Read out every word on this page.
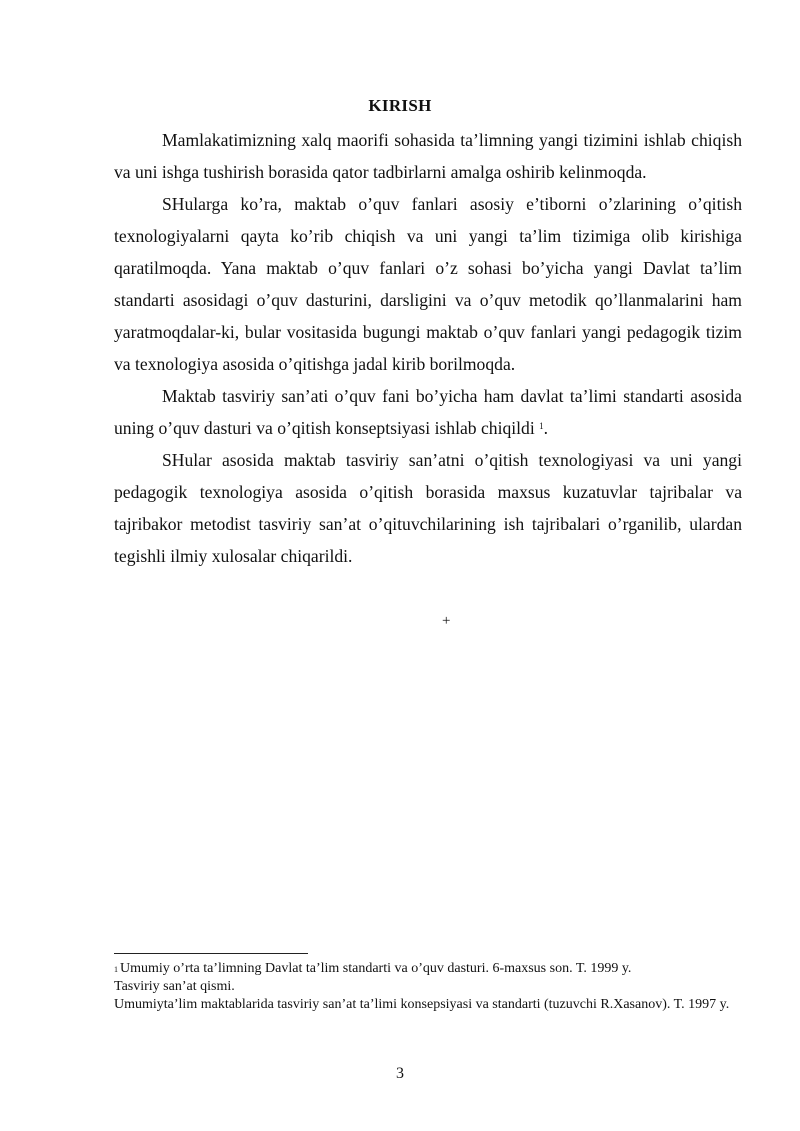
KIRISH

Mamlakatimizning xalq maorifi sohasida ta’limning yangi tizimini ishlab chiqish va uni ishga tushirish borasida qator tadbirlarni amalga oshirib kelinmoqda.

SHularga ko’ra, maktab o’quv fanlari asosiy e’tiborni o’zlarining o’qitish texnologiyalarni qayta ko’rib chiqish va uni yangi ta’lim tizimiga olib kirishiga qaratilmoqda. Yana maktab o’quv fanlari o’z sohasi bo’yicha yangi Davlat ta’lim standarti asosidagi o’quv dasturini, darsligini va o’quv metodik qo’llanmalarini ham yaratmoqdalar-ki, bular vositasida bugungi maktab o’quv fanlari yangi pedagogik tizim va texnologiya asosida o’qitishga jadal kirib borilmoqda.

Maktab tasviriy san’ati o’quv fani bo’yicha ham davlat ta’limi standarti asosida uning o’quv dasturi va o’qitish konseptsiyasi ishlab chiqildi $^1$.

SHular asosida maktab tasviriy san’atni o’qitish texnologiyasi va uni yangi pedagogik texnologiya asosida o’qitish borasida maxsus kuzatuvlar tajribalar va tajribakor metodist tasviriy san’at o’qituvchilarining ish tajribalari o’rganilib, ulardan tegishli ilmiy xulosalar chiqarildi.

+
$^1$ Umumiy o’rta ta’limning Davlat ta’lim standarti va o’quv dasturi. 6-maxsus son. T. 1999 y.
Tasviriy san’at qismi.
Umumiyta’lim maktablarida tasviriy san’at ta’limi konsepsiyasi va standarti (tuzuvchi R.Xasanov). T. 1997 y.
3
